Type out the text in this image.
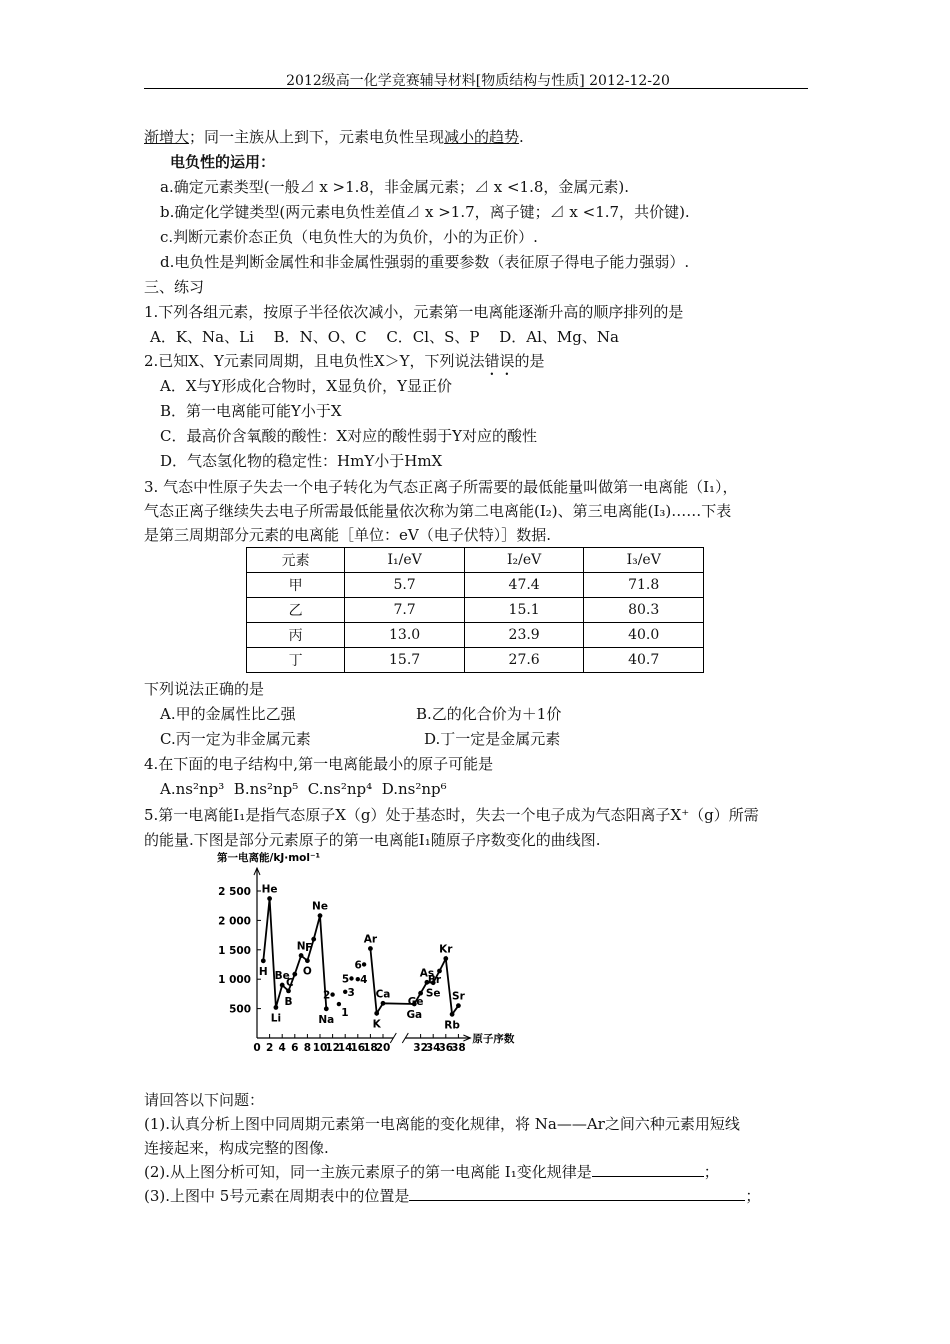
2012级高一化学竞赛辅导材料[物质结构与性质] 2012-12-20
渐增大；同一主族从上到下，元素电负性呈现减小的趋势.
电负性的运用：
a.确定元素类型(一般⊿ x >1.8，非金属元素；⊿ x <1.8，金属元素).
b.确定化学键类型(两元素电负性差值⊿ x >1.7，离子键；⊿ x <1.7，共价键).
c.判断元素价态正负（电负性大的为负价，小的为正价）.
d.电负性是判断金属性和非金属性强弱的重要参数（表征原子得电子能力强弱）.
三、练习
1.下列各组元素，按原子半径依次减小，元素第一电离能逐渐升高的顺序排列的是
A．K、Na、Li　 B．N、O、C　 C．Cl、S、P　 D．Al、Mg、Na
2.已知X、Y元素同周期，且电负性X＞Y，下列说法错误的是
A．X与Y形成化合物时，X显负价，Y显正价
B．第一电离能可能Y小于X
C．最高价含氧酸的酸性：X对应的酸性弱于Y对应的酸性
D．气态氢化物的稳定性：HmY小于HmX
3. 气态中性原子失去一个电子转化为气态正离子所需要的最低能量叫做第一电离能（I₁），
气态正离子继续失去电子所需最低能量依次称为第二电离能(I₂)、第三电离能(I₃)……下表
是第三周期部分元素的电离能［单位：eV（电子伏特）］数据.
元素	I₁/eV	I₂/eV	I₃/eV
甲	5.7	47.4	71.8
乙	7.7	15.1	80.3
丙	13.0	23.9	40.0
丁	15.7	27.6	40.7
下列说法正确的是
A.甲的金属性比乙强	B.乙的化合价为＋1价
C.丙一定为非金属元素	D.丁一定是金属元素
4.在下面的电子结构中,第一电离能最小的原子可能是
A.ns²np³ B.ns²np⁵ C.ns²np⁴ D.ns²np⁶
5.第一电离能I₁是指气态原子X（g）处于基态时，失去一个电子成为气态阳离子X⁺（g）所需
的能量.下图是部分元素原子的第一电离能I₁随原子序数变化的曲线图.
500
1 000
1 500
2 000
2 500
0 2 4 6 8 10
12
14
16
18
20 32
34
36
38
第一电离能/kJ·mol⁻¹
原子序数
H
He
Li
Be
B
C
N
O
F
Ne
Na
Ar
K
Ca
Ga
Ge
As
Se
Br
Kr
Rb
Sr
2
1
3
5 4
6
请回答以下问题：
(1).认真分析上图中同周期元素第一电离能的变化规律，将 Na——Ar之间六种元素用短线
连接起来，构成完整的图像.
(2).从上图分析可知，同一主族元素原子的第一电离能 I₁变化规律是	；
(3).上图中 5号元素在周期表中的位置是	；
